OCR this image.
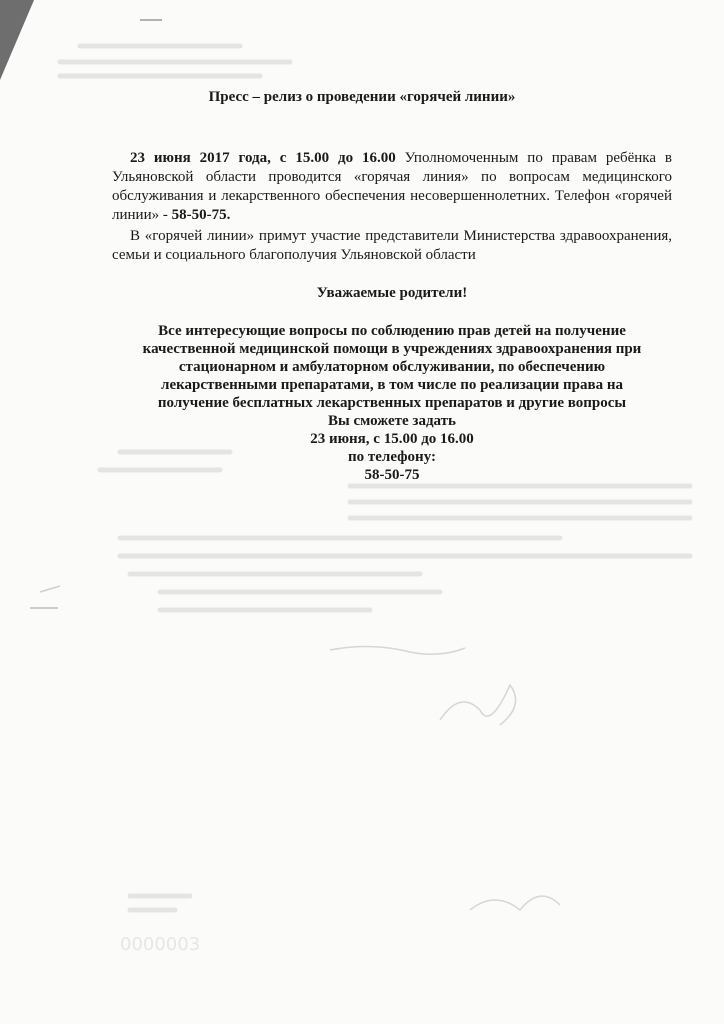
0000003
Пресс – релиз о проведении «горячей линии»
23 июня 2017 года, с 15.00 до 16.00 Уполномоченным по правам ребёнка в Ульяновской области проводится «горячая линия» по вопросам медицинского обслуживания и лекарственного обеспечения несовершеннолетних. Телефон «горячей линии» - 58-50-75.
В «горячей линии» примут участие представители Министерства здравоохранения, семьи и социального благополучия Ульяновской области
Уважаемые родители!
Все интересующие вопросы по соблюдению прав детей на получение
качественной медицинской помощи в учреждениях здравоохранения при
стационарном и амбулаторном обслуживании, по обеспечению
лекарственными препаратами, в том числе по реализации права на
получение бесплатных лекарственных препаратов и другие вопросы
Вы сможете задать
23 июня, с 15.00 до 16.00
по телефону:
58-50-75
